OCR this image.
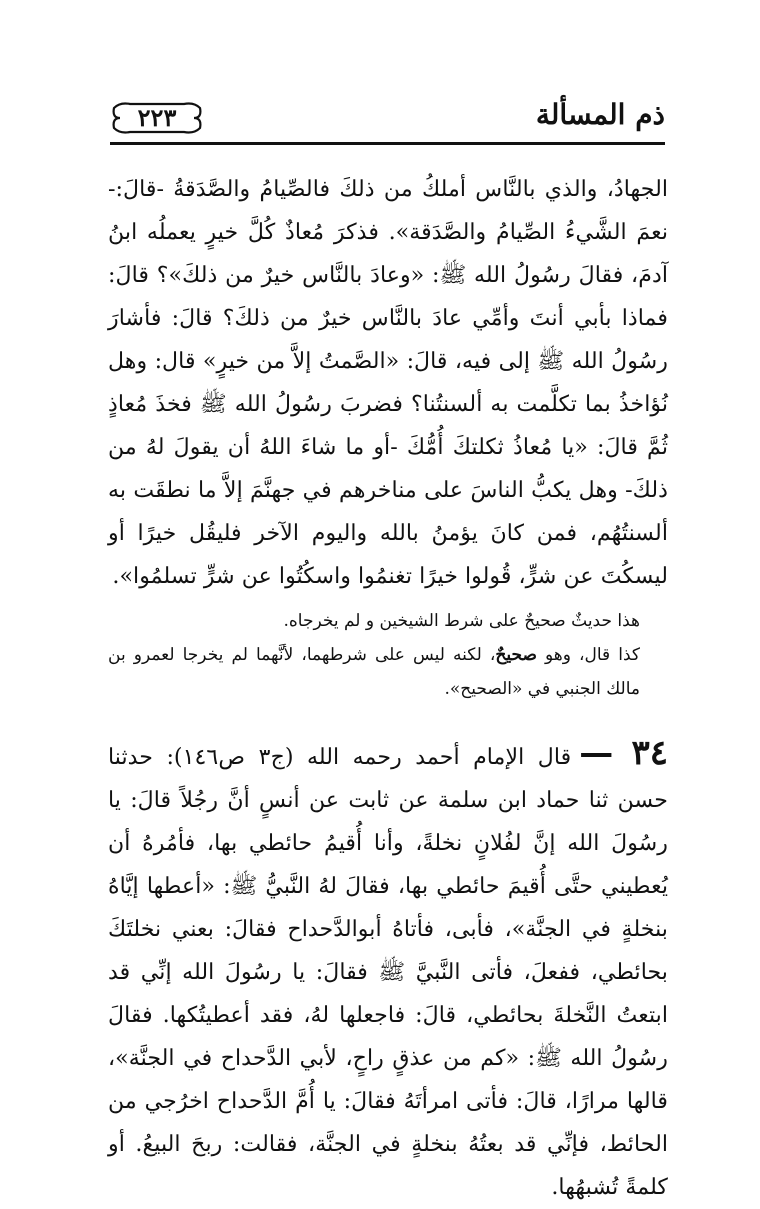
ذم المسألة
٢٢٣

الجهادُ، والذي بالنَّاس أملكُ من ذلكَ فالصِّيامُ والصَّدَقةُ -قالَ:- نعمَ الشَّيءُ الصِّيامُ والصَّدَقة». فذكرَ مُعاذٌ كُلَّ خيرٍ يعملُه ابنُ آدمَ، فقالَ رسُولُ الله ﷺ: «وعادَ بالنَّاس خيرٌ من ذلكَ»؟ قالَ: فماذا بأبي أنتَ وأمِّي عادَ بالنَّاس خيرٌ من ذلكَ؟ قالَ: فأشارَ رسُولُ الله ﷺ إلى فيه، قالَ: «الصَّمتُ إلاَّ من خيرٍ» قال: وهل نُؤاخذُ بما تكلَّمت به ألسنتُنا؟ فضربَ رسُولُ الله ﷺ فخذَ مُعاذٍ ثُمَّ قالَ: «يا مُعاذُ ثكلتكَ أُمُّكَ -أو ما شاءَ اللهُ أن يقولَ لهُ من ذلكَ- وهل يكبُّ الناسَ على مناخرهم في جهنَّمَ إلاَّ ما نطقَت به ألسنتُهُم، فمن كانَ يؤمنُ بالله واليوم الآخر فليقُل خيرًا أو ليسكُتَ عن شرٍّ، قُولوا خيرًا تغنمُوا واسكُتُوا عن شرٍّ تسلمُوا».

هذا حديثٌ صحيحٌ على شرط الشيخين و لم يخرجاه.

كذا قال، وهو صحيحٌ، لكنه ليس على شرطهما، لأنَّهما لم يخرجا لعمرو بن مالك الجنبي في «الصحيح».

٣٤ —قال الإمام أحمد رحمه الله (ج٣ ص١٤٦): حدثنا حسن ثنا حماد ابن سلمة عن ثابت عن أنسٍ أنَّ رجُلاً قالَ: يا رسُولَ الله إنَّ لفُلانٍ نخلةً، وأنا أُقيمُ حائطي بها، فأمُرهُ أن يُعطيني حتَّى أُقيمَ حائطي بها، فقالَ لهُ النَّبيُّ ﷺ: «أعطها إيَّاهُ بنخلةٍ في الجنَّة»، فأبى، فأتاهُ أبوالدَّحداح فقالَ: بعني نخلتَكَ بحائطي، ففعلَ، فأتى النَّبيَّ ﷺ فقالَ: يا رسُولَ الله إنِّي قد ابتعتُ النَّخلةَ بحائطي، قالَ: فاجعلها لهُ، فقد أعطيتُكها. فقالَ رسُولُ الله ﷺ: «كم من عذقٍ راحٍ، لأبي الدَّحداح في الجنَّة»، قالها مرارًا، قالَ: فأتى امرأتَهُ فقالَ: يا أُمَّ الدَّحداح اخرُجي من الحائط، فإنِّي قد بعتُهُ بنخلةٍ في الجنَّة، فقالت: ربحَ البيعُ. أو كلمةً تُشبهُها.
